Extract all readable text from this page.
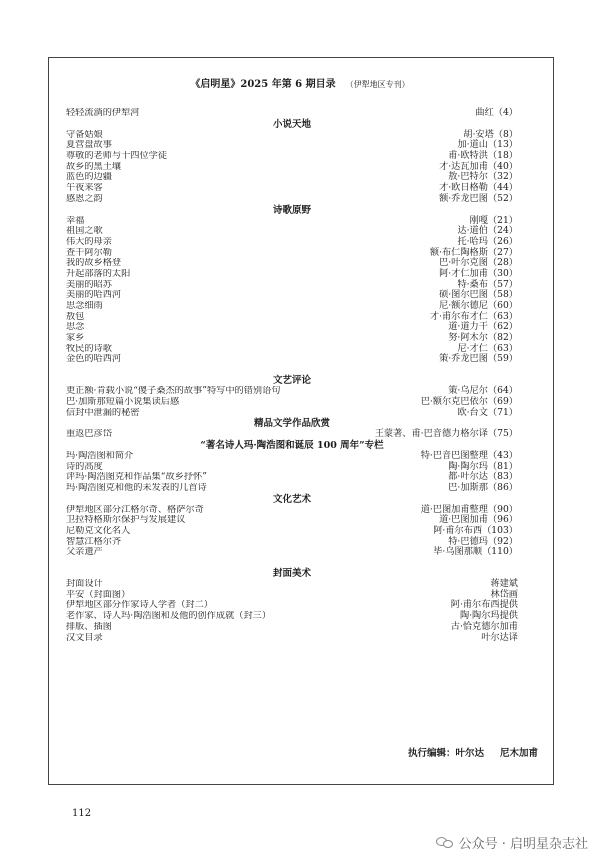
《启明星》2025 年第 6 期目录 （伊犁地区专刊）
轻轻流淌的伊犁河	曲红（4）
小说天地
守备姑娘	胡·安塔（8）
夏营盘故事	加·道山（13）
尊敬的老师与十四位学徒	甫·欧特洪（18）
故乡的黑土壤	才·达瓦加甫（40）
蓝色的边疆	敖·巴特尔（32）
午夜来客	才·欧日格勒（44）
感恩之韵	额·乔龙巴图（52）
诗歌原野
幸福	刚嘎（21）
祖国之歌	达·道伯（24）
伟大的母亲	托·哈玛（26）
查干阿尔勒	额·布仁陶格斯（27）
我的故乡格登	巴·叶尔克图（28）
升起部落的太阳	阿·才仁加甫（30）
美丽的昭苏	特·桑布（57）
美丽的哈西河	硕·图尔巴图（58）
思念细雨	尼·额尔德尼（60）
敖包	才·甫尔布才仁（63）
思念	道·道力干（62）
家乡	努·阿木尔（82）
牧民的诗歌	尼·才仁（63）
金色的哈西河	策·乔龙巴图（59）
文艺评论
更正额·肯载小说“傻子桑杰的故事”特写中的错别语句	策·乌尼尔（64）
巴·加斯那短篇小说集读后感	巴·额尔克巴依尔（69）
信封中泄漏的秘密	欧·台文（71）
精品文学作品欣赏
重返巴彦岱	王蒙著、甫·巴音德力格尔译（75）
“著名诗人玛·陶浩图和诞辰 100 周年”专栏
玛·陶浩图和简介	特·巴音巴图整理（43）
诗的高度	陶·陶尔玛（81）
评玛·陶浩图克和作品集“故乡抒怀”	都·叶尔达（83）
玛·陶浩图克和他的未发表的几首诗	巴·加斯那（86）
文化艺术
伊犁地区部分江格尔奇、格萨尔奇	道·巴图加甫整理（90）
卫拉特格斯尔保护与发展建议	道·巴图加甫（96）
尼勒克文化名人	阿·甫尔布西（103）
智慧江格尔齐	特·巴德玛（92）
父亲遗产	毕·乌图那顺（110）
封面美术
封面设计	蒋建斌
平安（封面图）	林岱画
伊犁地区部分作家诗人学者（封二）	阿·甫尔布西提供
老作家、诗人玛·陶浩图和及他的创作成就（封三）	陶·陶尔玛提供
排版、插图	古·恰克德尔加甫
汉文目录	叶尔达译
执行编辑：叶尔达 尼木加甫
112
公众号 · 启明星杂志社
